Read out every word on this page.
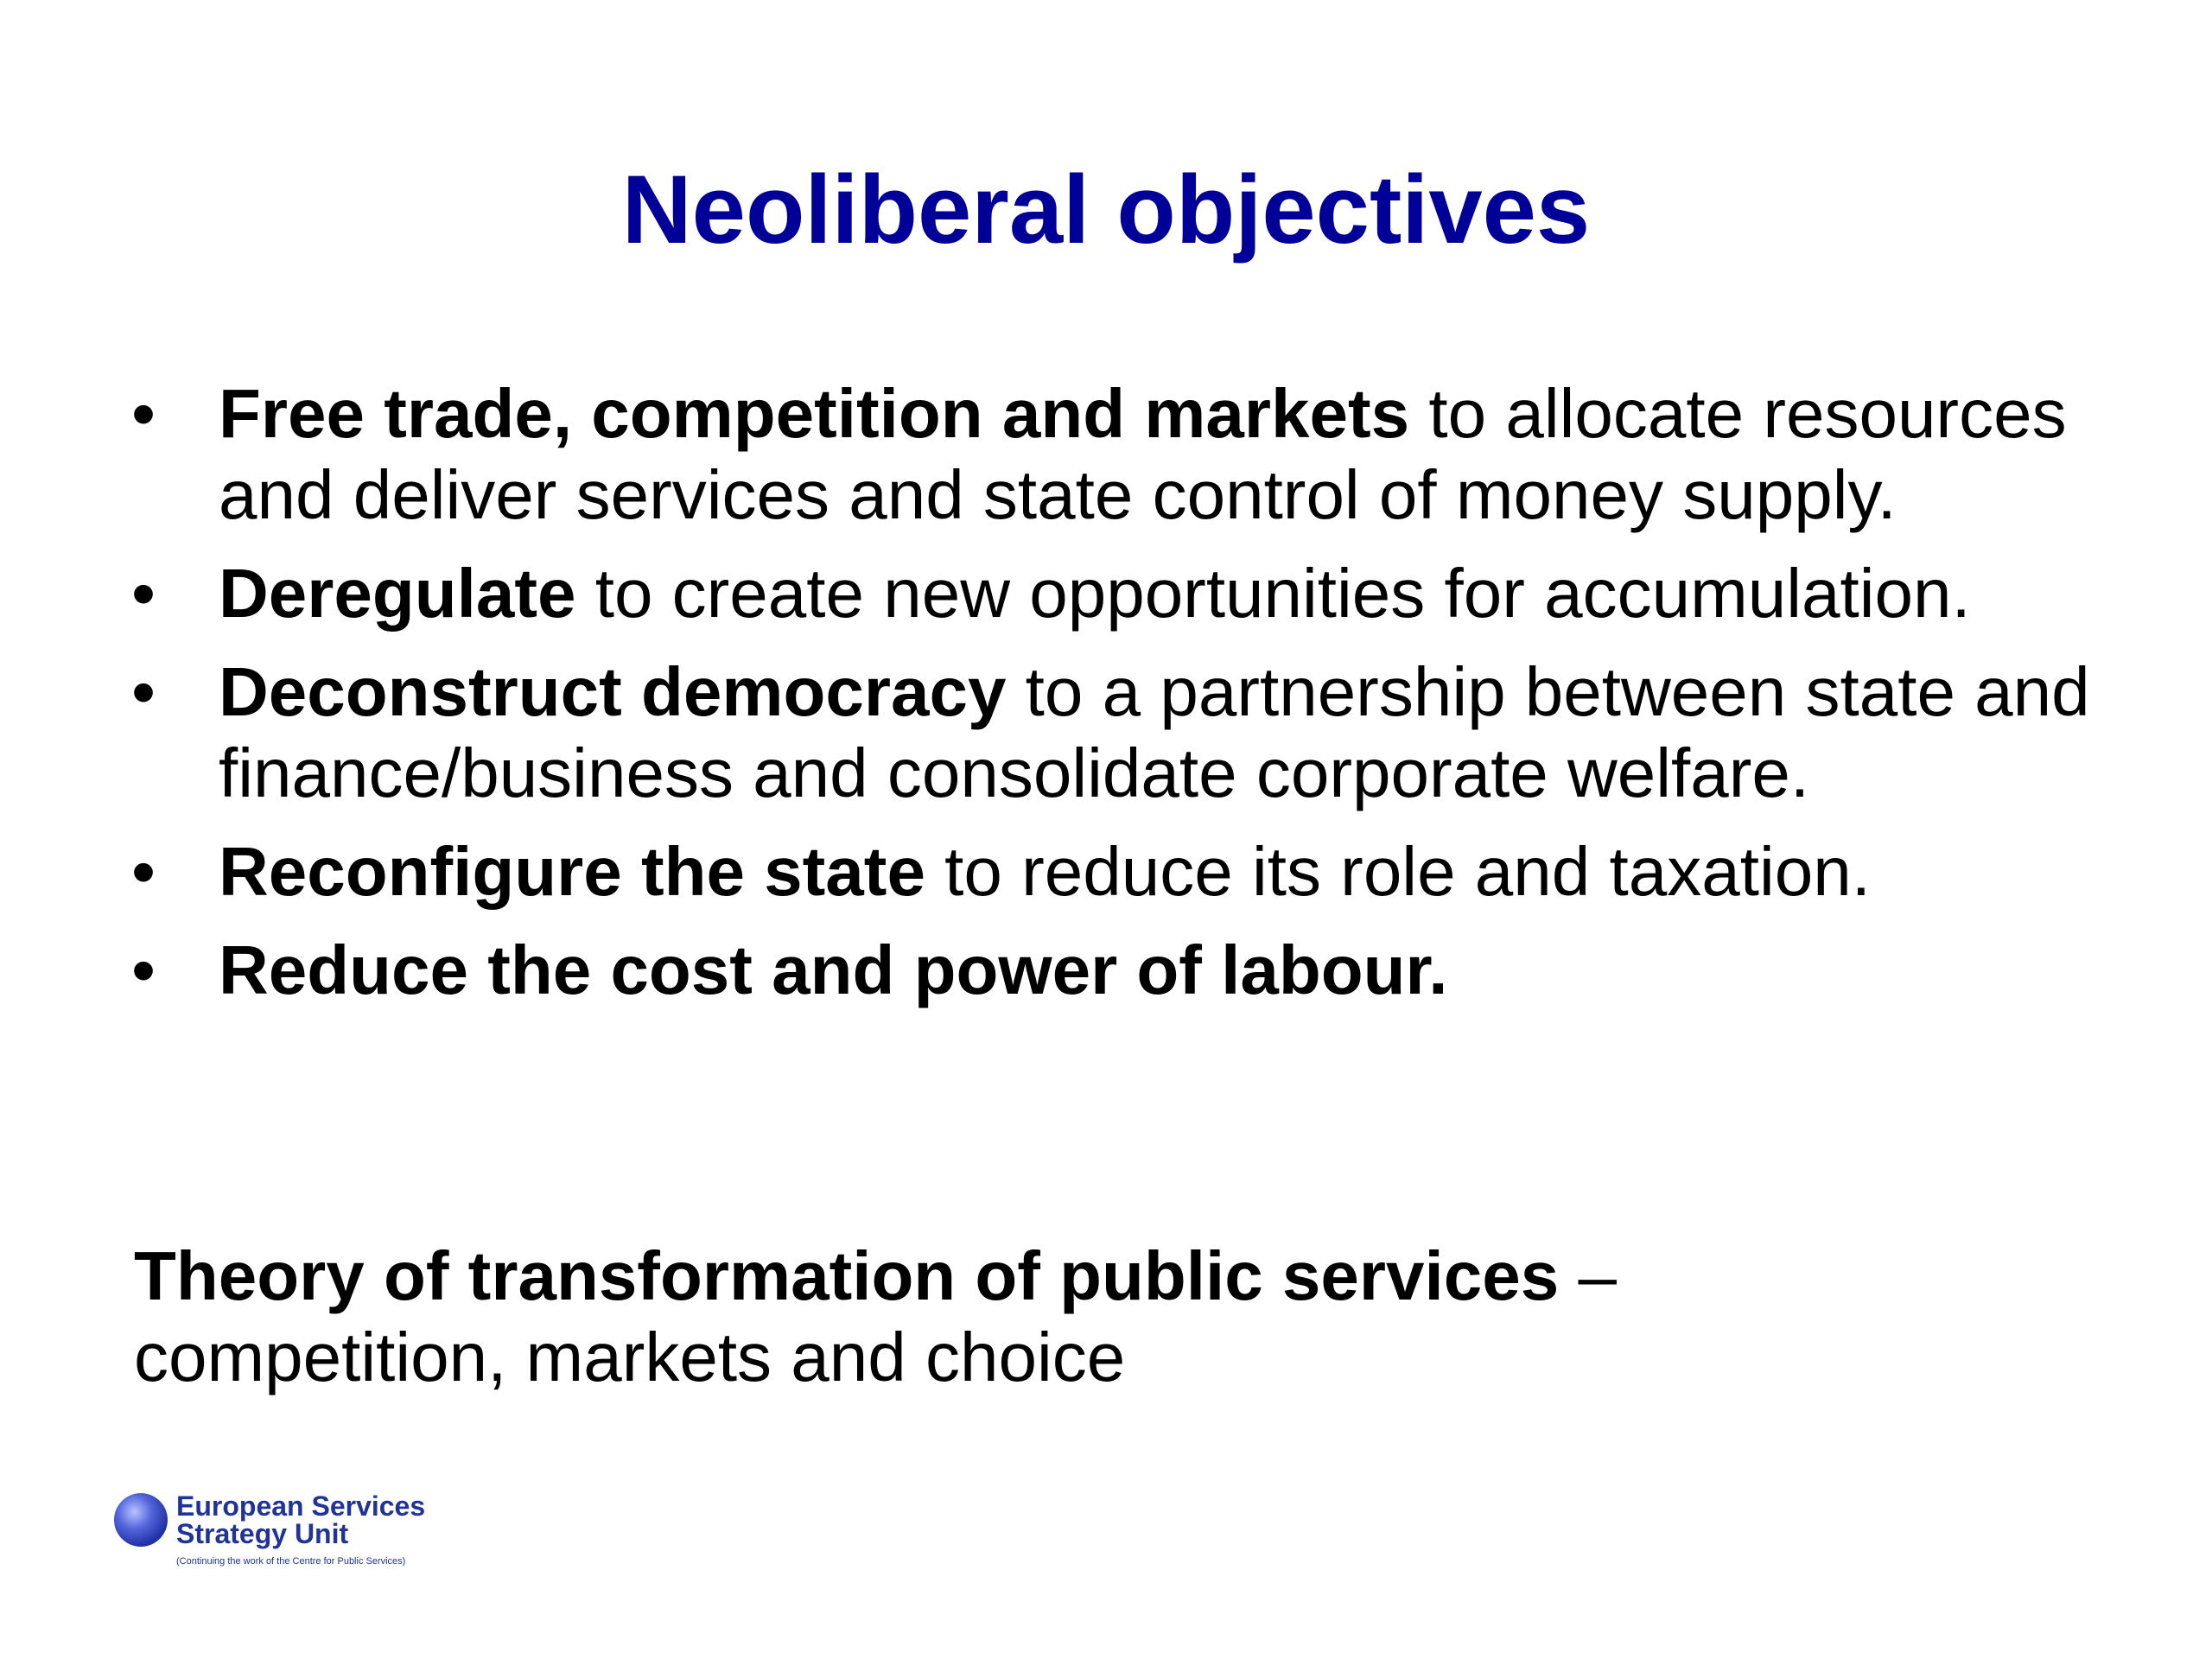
Neoliberal objectives
• Free trade, competition and markets to allocate resources and deliver services and state control of money supply.
• Deregulate to create new opportunities for accumulation.
• Deconstruct democracy to a partnership between state and finance/business and consolidate corporate welfare.
• Reconfigure the state to reduce its role and taxation.
• Reduce the cost and power of labour.

Theory of transformation of public services –
competition, markets and choice

European Services
Strategy Unit
(Continuing the work of the Centre for Public Services)
